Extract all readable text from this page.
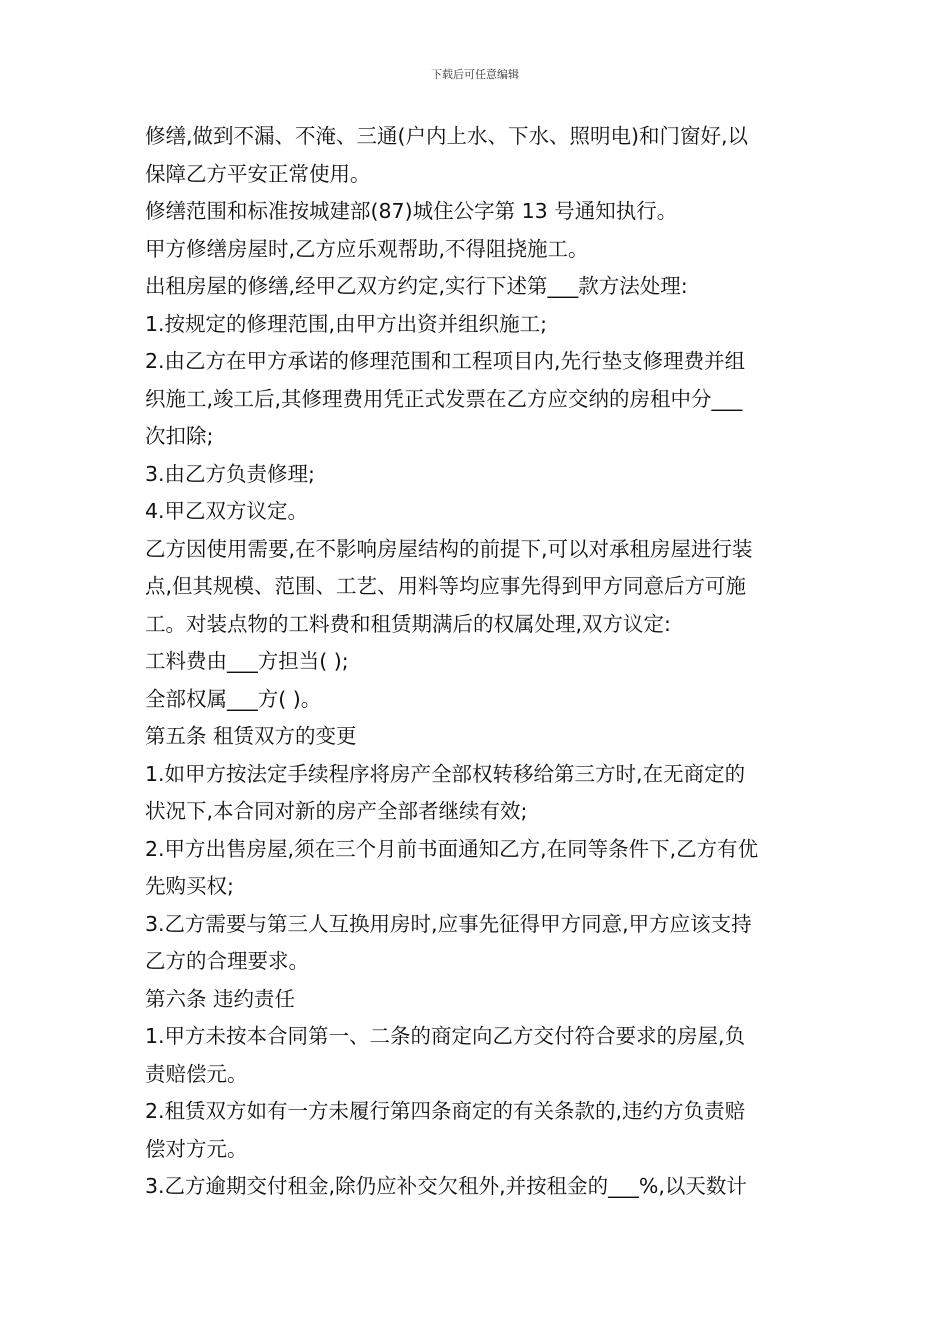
下载后可任意编辑
修缮,做到不漏、不淹、三通(户内上水、下水、照明电)和门窗好,以
保障乙方平安正常使用。
修缮范围和标准按城建部(87)城住公字第 13 号通知执行。
甲方修缮房屋时,乙方应乐观帮助,不得阻挠施工。
出租房屋的修缮,经甲乙双方约定,实行下述第___款方法处理:
1.按规定的修理范围,由甲方出资并组织施工;
2.由乙方在甲方承诺的修理范围和工程项目内,先行垫支修理费并组
织施工,竣工后,其修理费用凭正式发票在乙方应交纳的房租中分___
次扣除;
3.由乙方负责修理;
4.甲乙双方议定。
乙方因使用需要,在不影响房屋结构的前提下,可以对承租房屋进行装
点,但其规模、范围、工艺、用料等均应事先得到甲方同意后方可施
工。对装点物的工料费和租赁期满后的权属处理,双方议定:
工料费由___方担当( );
全部权属___方( )。
第五条 租赁双方的变更
1.如甲方按法定手续程序将房产全部权转移给第三方时,在无商定的
状况下,本合同对新的房产全部者继续有效;
2.甲方出售房屋,须在三个月前书面通知乙方,在同等条件下,乙方有优
先购买权;
3.乙方需要与第三人互换用房时,应事先征得甲方同意,甲方应该支持
乙方的合理要求。
第六条 违约责任
1.甲方未按本合同第一、二条的商定向乙方交付符合要求的房屋,负
责赔偿元。
2.租赁双方如有一方未履行第四条商定的有关条款的,违约方负责赔
偿对方元。
3.乙方逾期交付租金,除仍应补交欠租外,并按租金的___%,以天数计
